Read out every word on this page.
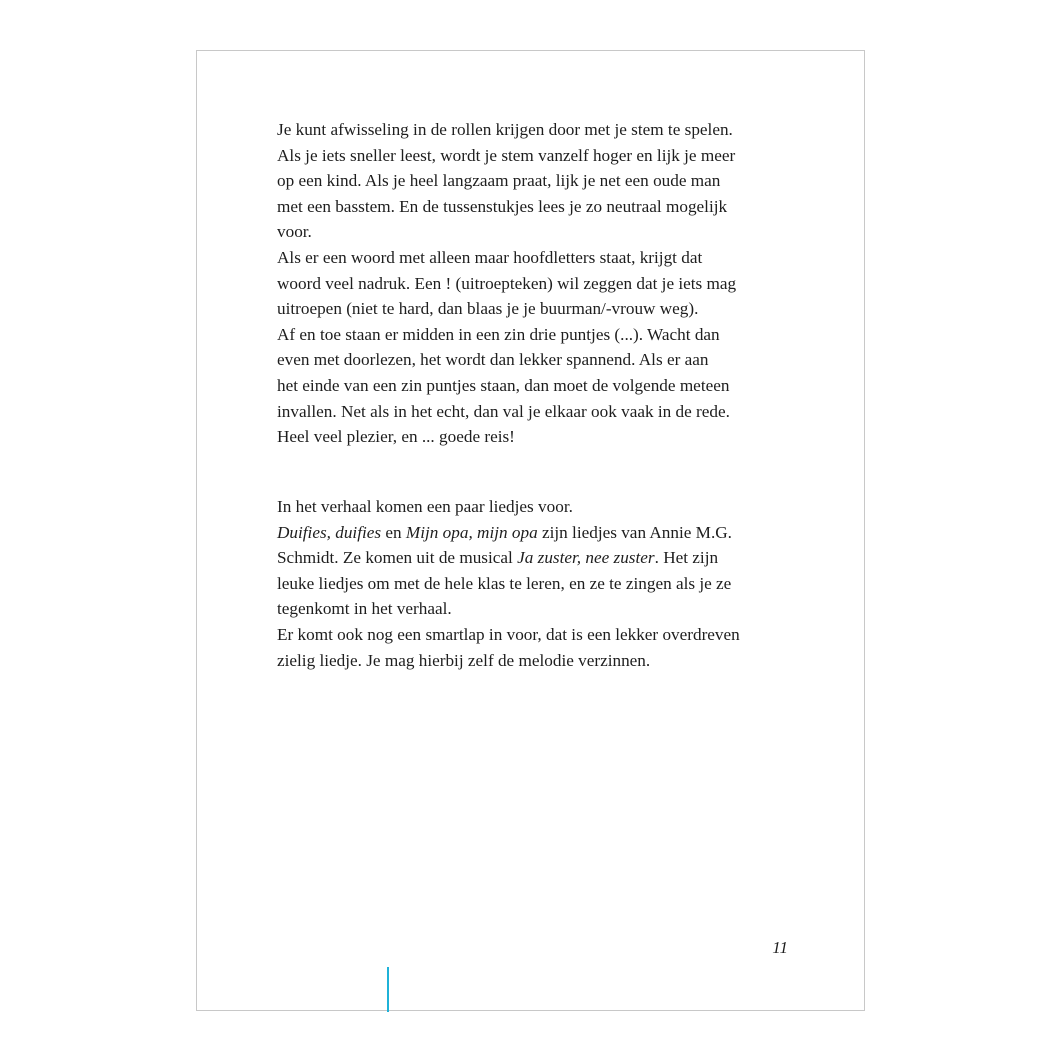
Je kunt afwisseling in de rollen krijgen door met je stem te spelen.
Als je iets sneller leest, wordt je stem vanzelf hoger en lijk je meer
op een kind. Als je heel langzaam praat, lijk je net een oude man
met een basstem. En de tussenstukjes lees je zo neutraal mogelijk
voor.
Als er een woord met alleen maar hoofdletters staat, krijgt dat
woord veel nadruk. Een ! (uitroepteken) wil zeggen dat je iets mag
uitroepen (niet te hard, dan blaas je je buurman/-vrouw weg).
Af en toe staan er midden in een zin drie puntjes (...). Wacht dan
even met doorlezen, het wordt dan lekker spannend. Als er aan
het einde van een zin puntjes staan, dan moet de volgende meteen
invallen. Net als in het echt, dan val je elkaar ook vaak in de rede.
Heel veel plezier, en ... goede reis!

In het verhaal komen een paar liedjes voor.
Duifies, duifies en Mijn opa, mijn opa zijn liedjes van Annie M.G.
Schmidt. Ze komen uit de musical Ja zuster, nee zuster. Het zijn
leuke liedjes om met de hele klas te leren, en ze te zingen als je ze
tegenkomt in het verhaal.
Er komt ook nog een smartlap in voor, dat is een lekker overdreven
zielig liedje. Je mag hierbij zelf de melodie verzinnen.

11
